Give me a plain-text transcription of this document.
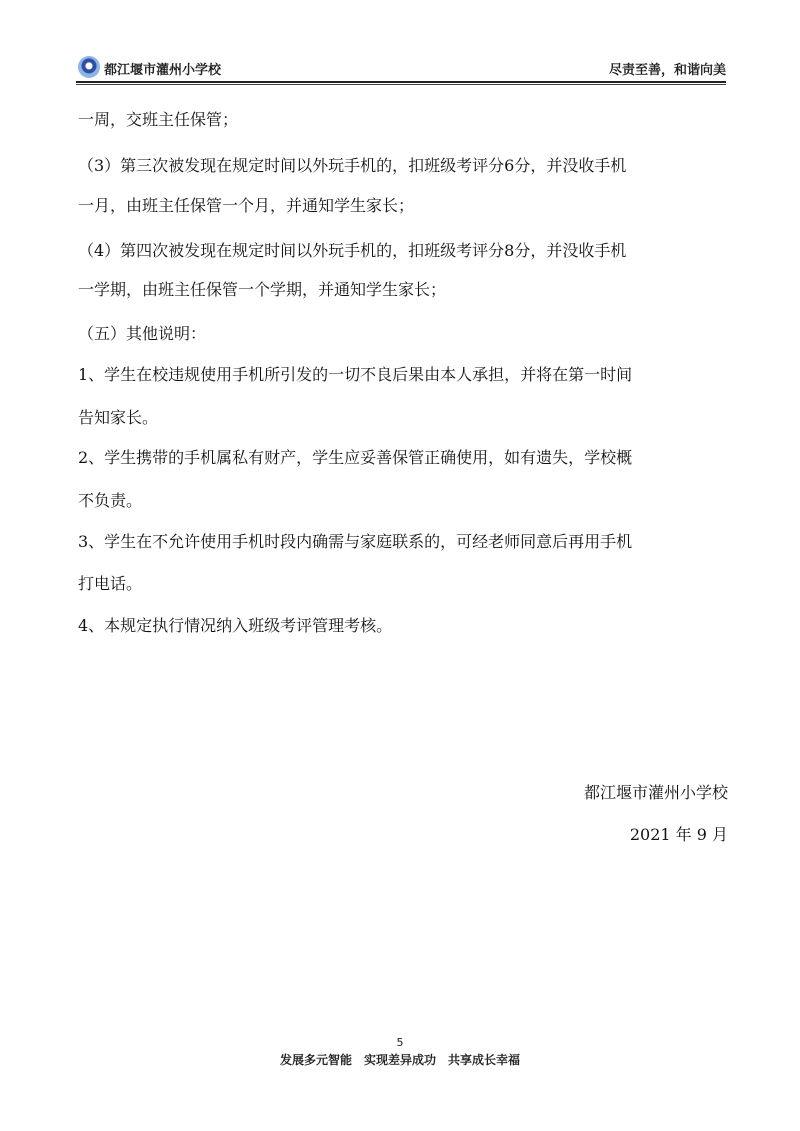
都江堰市灌州小学校	尽责至善，和谐向美
一周，交班主任保管；
（3）第三次被发现在规定时间以外玩手机的，扣班级考评分6分，并没收手机
一月，由班主任保管一个月，并通知学生家长；
（4）第四次被发现在规定时间以外玩手机的，扣班级考评分8分，并没收手机
一学期，由班主任保管一个学期，并通知学生家长；
（五）其他说明：
1、学生在校违规使用手机所引发的一切不良后果由本人承担，并将在第一时间
告知家长。
2、学生携带的手机属私有财产，学生应妥善保管正确使用，如有遗失，学校概
不负责。
3、学生在不允许使用手机时段内确需与家庭联系的，可经老师同意后再用手机
打电话。
4、本规定执行情况纳入班级考评管理考核。
都江堰市灌州小学校
2021 年 9 月
5
发展多元智能　实现差异成功　共享成长幸福
